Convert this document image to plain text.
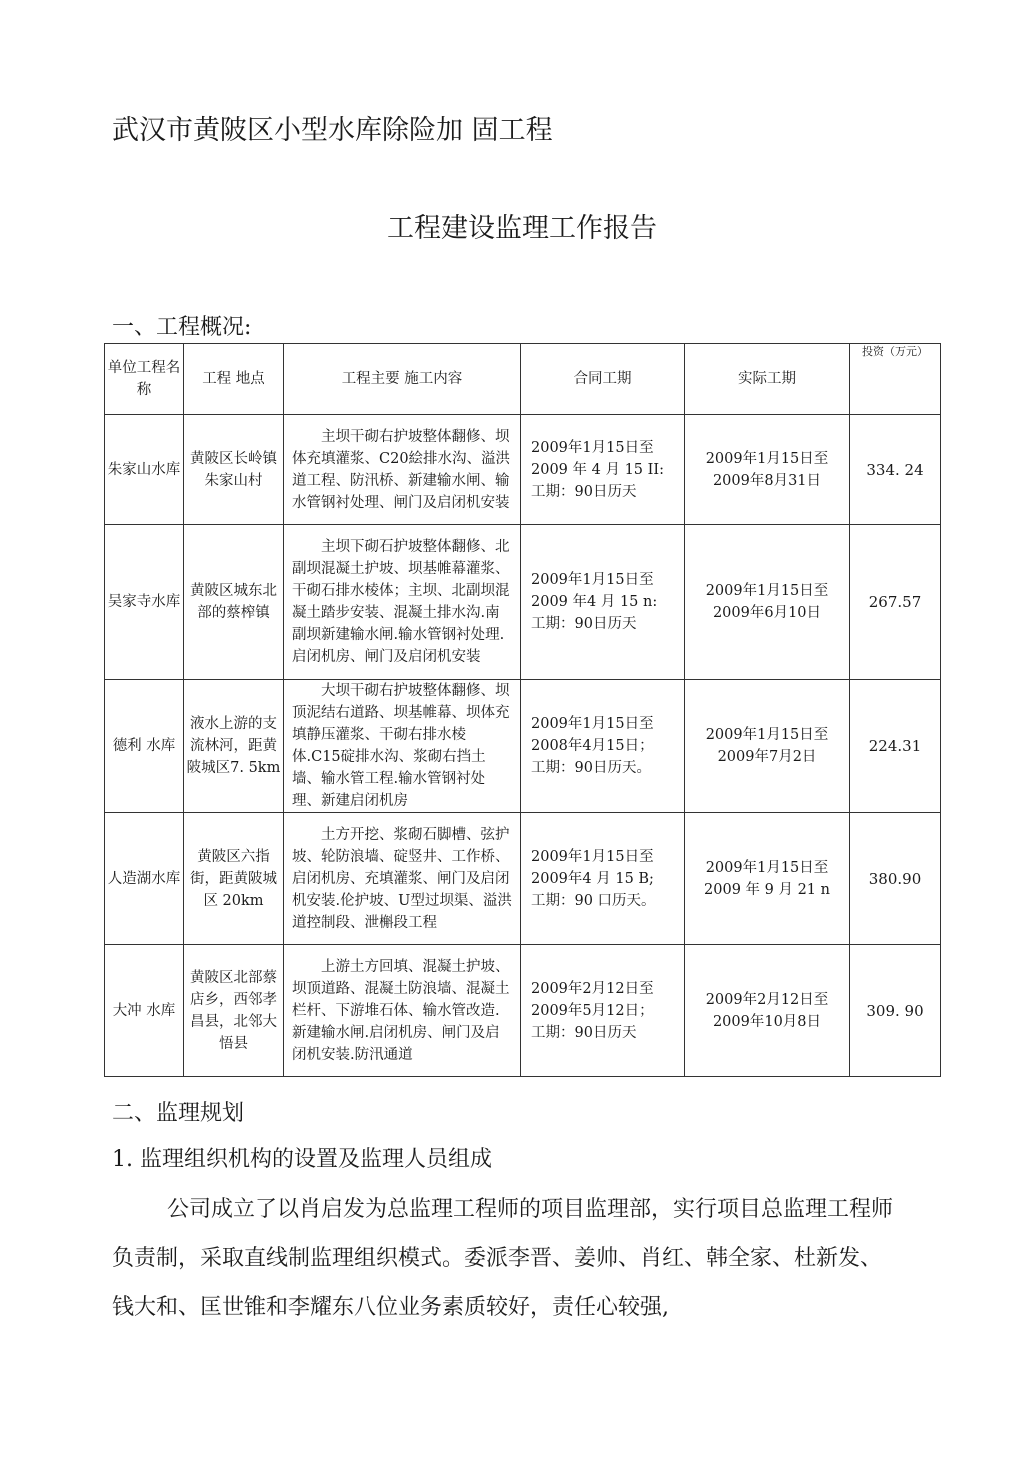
武汉市黄陂区小型水库除险加 固工程
工程建设监理工作报告
一、工程概况:
单位工程名称	工程 地点	工程主要 施工内容	合同工期	实际工期	投资（万元）
朱家山水库	黄陂区长岭镇朱家山村	主坝干砌右护坡整体翻修、坝体充填灌浆、C20絵排水沟、溢洪道工程、防汛桥、新建输水闸、输水管钢衬处理、闸门及启闭机安装	2009年1月15日至
2009 年 4 月 15 II:
工期：90日历天	2009年1月15日至
2009年8月31日	334. 24
吴家寺水库	黄陂区城东北部的蔡榨镇	主坝下砌石护坡整体翻修、北副坝混凝土护坡、坝基帷幕灌浆、干砌石排水棱体；主坝、北副坝混凝土踏步安装、混凝土排水沟.南副坝新建输水闸.输水管钢衬处理.启闭机房、闸门及启闭机安装	2009年1月15日至
2009 年4 月 15 n:
工期：90日历天	2009年1月15日至
2009年6月10日	267.57
德利 水库	液水上游的支流林河，距黄陂城区7. 5km	大坝干砌右护坡整体翻修、坝顶泥结右道路、坝基帷幕、坝体充填静压灌浆、干砌右排水棱体.C15碇排水沟、浆砌右挡土墙、输水管工程.输水管钢衬处理、新建启闭机房	2009年1月15日至
2008年4月15日；
工期：90日历天。	2009年1月15日至
2009年7月2日	224.31
人造湖水库	黄陂区六指街，距黄陂城区 20km	土方开挖、浆砌石脚槽、弦护坡、轮防浪墙、碇竖井、工作桥、启闭机房、充填灌浆、闸门及启闭机安装.伦护坡、U型过坝渠、溢洪道控制段、泄槲段工程	2009年1月15日至
2009年4 月 15 B;
工期：90 口历天。	2009年1月15日至
2009 年 9 月 21 n	380.90
大冲 水库	黄陂区北部蔡店乡，西邻孝昌县，北邻大悟县	上游土方回填、混凝土护坡、坝顶道路、混凝土防浪墙、混凝土栏杆、下游堆石体、输水管改造.新建输水闸.启闭机房、闸门及启闭机安装.防汛通道	2009年2月12日至
2009年5月12日；
工期：90日历天	2009年2月12日至
2009年10月8日	309. 90
二、监理规划
1. 监理组织机构的设置及监理人员组成
公司成立了以肖启发为总监理工程师的项目监理部，实行项目总监理工程师负责制，采取直线制监理组织模式。委派李晋、姜帅、肖红、韩全家、杜新发、钱大和、匡世锥和李耀东八位业务素质较好，责任心较强,
